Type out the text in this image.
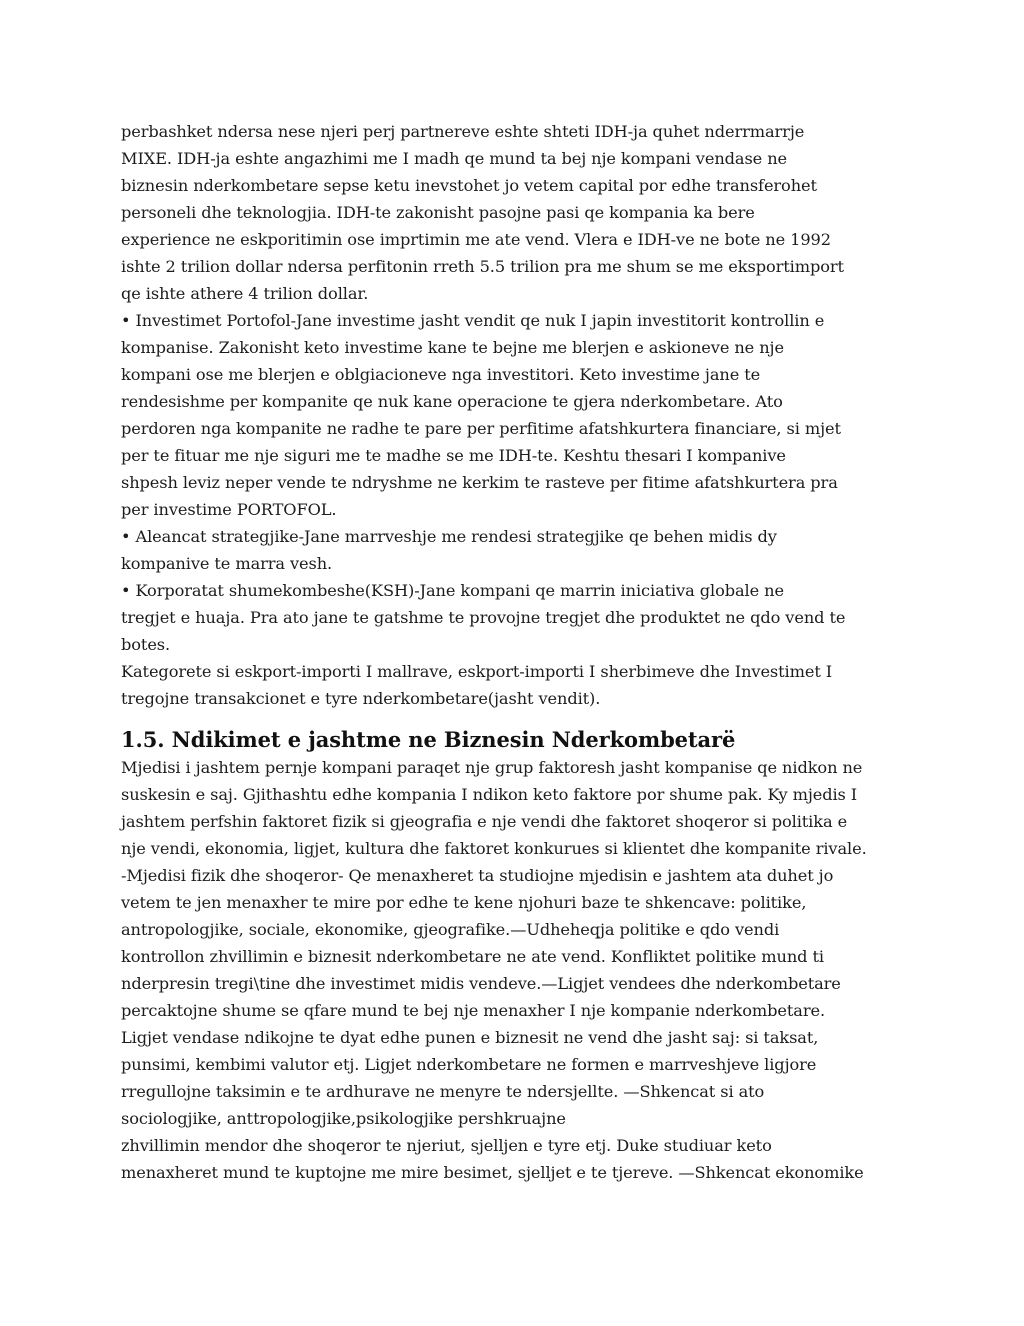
perbashket ndersa nese njeri perj partnereve eshte shteti IDH-ja quhet nderrmarrje

MIXE. IDH-ja eshte angazhimi me I madh qe mund ta bej nje kompani vendase ne

biznesin nderkombetare sepse ketu inevstohet jo vetem capital por edhe transferohet

personeli dhe teknologjia. IDH-te zakonisht pasojne pasi qe kompania ka bere

experience ne eskporitimin ose imprtimin me ate vend. Vlera e IDH-ve ne bote ne 1992

ishte 2 trilion dollar ndersa perfitonin rreth 5.5 trilion pra me shum se me eksportimport

qe ishte athere 4 trilion dollar.

• Investimet Portofol-Jane investime jasht vendit qe nuk I japin investitorit kontrollin e

kompanise. Zakonisht keto investime kane te bejne me blerjen e askioneve ne nje

kompani ose me blerjen e oblgiacioneve nga investitori. Keto investime jane te

rendesishme per kompanite qe nuk kane operacione te gjera nderkombetare. Ato

perdoren nga kompanite ne radhe te pare per perfitime afatshkurtera financiare, si mjet

per te fituar me nje siguri me te madhe se me IDH-te. Keshtu thesari I kompanive

shpesh leviz neper vende te ndryshme ne kerkim te rasteve per fitime afatshkurtera pra

per investime PORTOFOL.

• Aleancat strategjike-Jane marrveshje me rendesi strategjike qe behen midis dy

kompanive te marra vesh.

• Korporatat shumekombeshe(KSH)-Jane kompani qe marrin iniciativa globale ne

tregjet e huaja. Pra ato jane te gatshme te provojne tregjet dhe produktet ne qdo vend te

botes.

Kategorete si eskport-importi I mallrave, eskport-importi I sherbimeve dhe Investimet I

tregojne transakcionet e tyre nderkombetare(jasht vendit).

1.5. Ndikimet e jashtme ne Biznesin Nderkombetarë

Mjedisi i jashtem pernje kompani paraqet nje grup faktoresh jasht kompanise qe nidkon ne

suskesin e saj. Gjithashtu edhe kompania I ndikon keto faktore por shume pak. Ky mjedis I

jashtem perfshin faktoret fizik si gjeografia e nje vendi dhe faktoret shoqeror si politika e

nje vendi, ekonomia, ligjet, kultura dhe faktoret konkurues si klientet dhe kompanite rivale.

-Mjedisi fizik dhe shoqeror- Qe menaxheret ta studiojne mjedisin e jashtem ata duhet jo

vetem te jen menaxher te mire por edhe te kene njohuri baze te shkencave: politike,

antropologjike, sociale, ekonomike, gjeografike.—Udheheqja politike e qdo vendi

kontrollon zhvillimin e biznesit nderkombetare ne ate vend. Konfliktet politike mund ti

nderpresin tregi\tine dhe investimet midis vendeve.—Ligjet vendees dhe nderkombetare

percaktojne shume se qfare mund te bej nje menaxher I nje kompanie nderkombetare.

Ligjet vendase ndikojne te dyat edhe punen e biznesit ne vend dhe jasht saj: si taksat,

punsimi, kembimi valutor etj. Ligjet nderkombetare ne formen e marrveshjeve ligjore

rregullojne taksimin e te ardhurave ne menyre te ndersjellte. —Shkencat si ato

sociologjike, anttropologjike,psikologjike pershkruajne

zhvillimin mendor dhe shoqeror te njeriut, sjelljen e tyre etj. Duke studiuar keto

menaxheret mund te kuptojne me mire besimet, sjelljet e te tjereve. —Shkencat ekonomike
